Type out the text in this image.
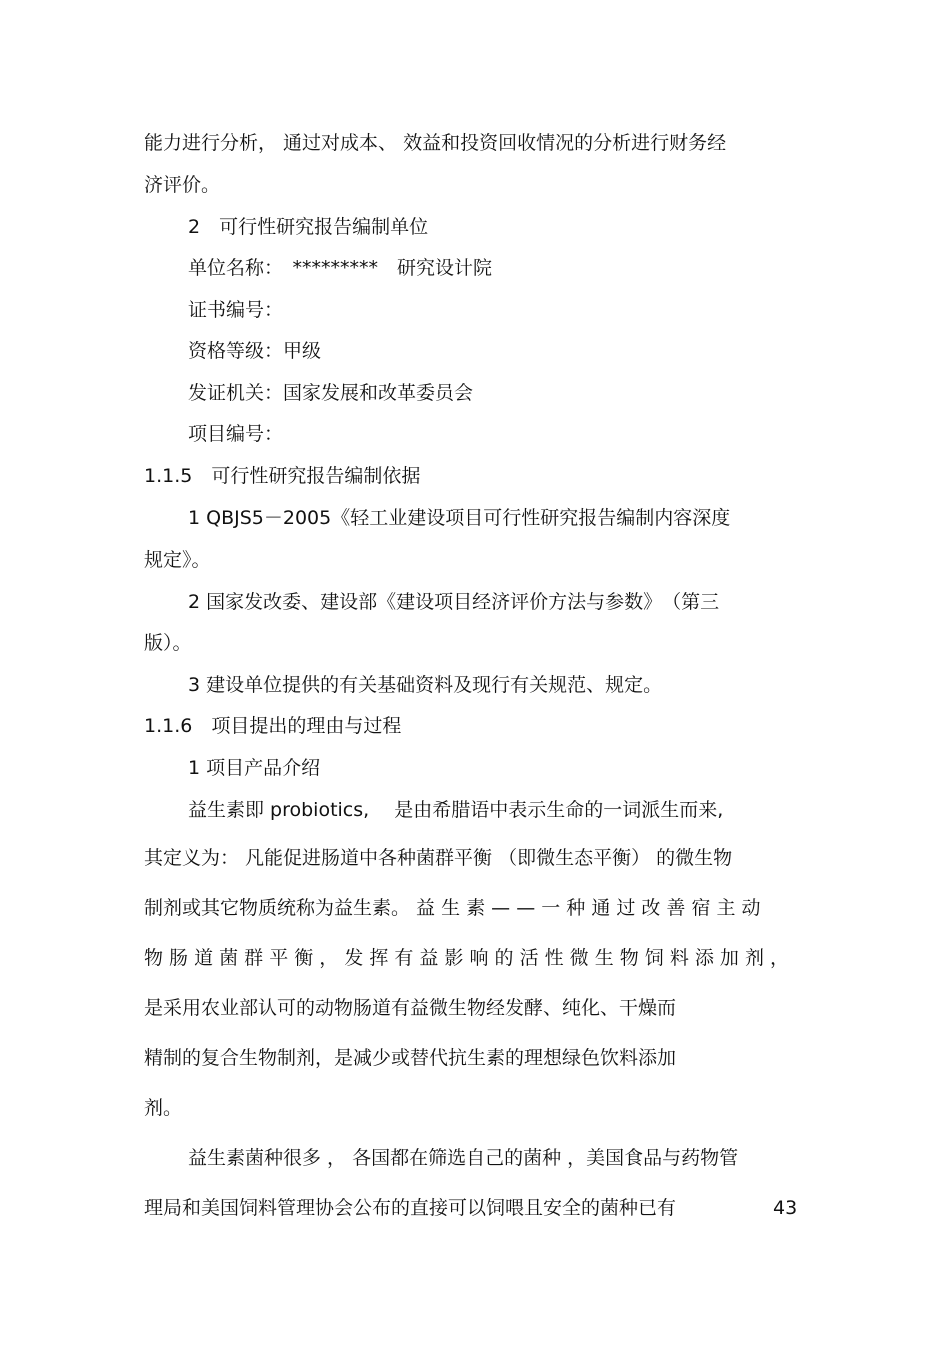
能力进行分析， 通过对成本、 效益和投资回收情况的分析进行财务经

济评价。

2　可行性研究报告编制单位

单位名称：　*********　研究设计院

证书编号：

资格等级：甲级

发证机关：国家发展和改革委员会

项目编号：

1.1.5　可行性研究报告编制依据

1 QBJS5－2005《轻工业建设项目可行性研究报告编制内容深度

规定》。

2 国家发改委、建设部《建设项目经济评价方法与参数》　（第三

版）。

3 建设单位提供的有关基础资料及现行有关规范、规定。

1.1.6　项目提出的理由与过程

1 项目产品介绍

益生素即 probiotics,　 是由希腊语中表示生命的一词派生而来,

其定义为： 凡能促进肠道中各种菌群平衡 （即微生态平衡） 的微生物

制剂或其它物质统称为益生素。 益 生 素 — — 一 种 通 过 改 善 宿 主 动

物 肠 道 菌 群 平 衡 ， 发 挥 有 益 影 响 的 活 性 微 生 物 饲 料 添 加 剂 ，

是采用农业部认可的动物肠道有益微生物经发酵、纯化、干燥而

精制的复合生物制剂，是减少或替代抗生素的理想绿色饮料添加

剂。

益生素菌种很多 ， 各国都在筛选自己的菌种 ，美国食品与药物管

理局和美国饲料管理协会公布的直接可以饲喂且安全的菌种已有	43
